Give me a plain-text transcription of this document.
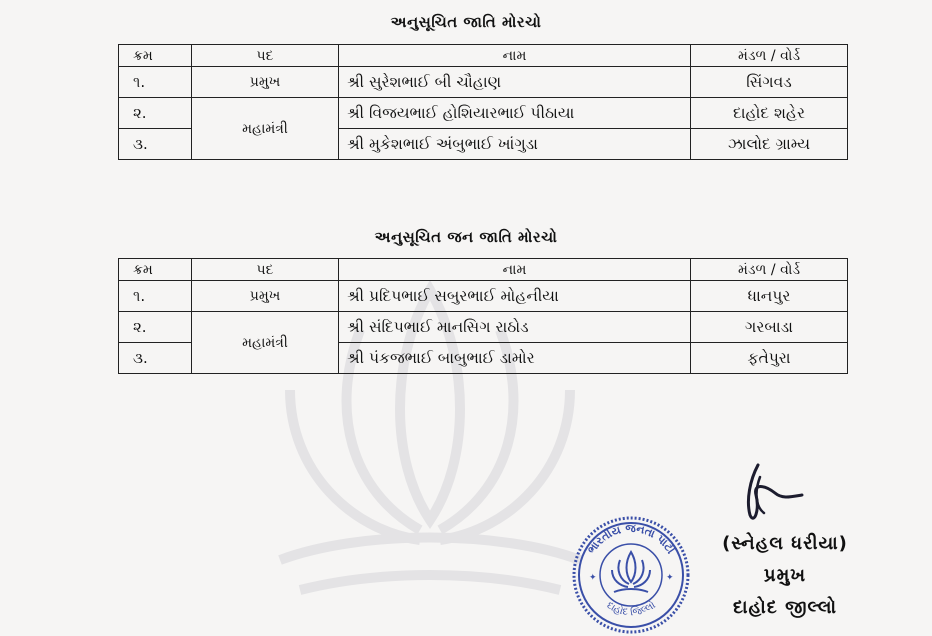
અનુસૂચિત જાતિ મોરચો
ક્રમ	પદ	નામ	મંડળ / વોર્ડ
૧.	પ્રમુખ	શ્રી સુરેશભાઈ બી ચૌહાણ	સિંગવડ
૨.	મહામંત્રી	શ્રી વિજયભાઈ હોશિયારભાઈ પીઠાયા	દાહોદ શહેર
૩.		શ્રી મુકેશભાઈ અંબુભાઈ ખાંગુડા	ઝાલોદ ગ્રામ્ય
અનુસૂચિત જન જાતિ મોરચો
ક્રમ	પદ	નામ	મંડળ / વોર્ડ
૧.	પ્રમુખ	શ્રી પ્રદિપભાઈ સબુરભાઈ મોહનીયા	ધાનપુર
૨.	મહામંત્રી	શ્રી સંદિપભાઈ માનસિગ રાઠોડ	ગરબાડા
૩.		શ્રી પંકજભાઈ બાબુભાઈ ડામોર	ફતેપુરા
ભારતીય જનતા પાર્ટી
દાહોદ જિલ્લો
✦	✦
(સ્નેહલ ધરીયા)
પ્રમુખ
દાહોદ જીલ્લો
